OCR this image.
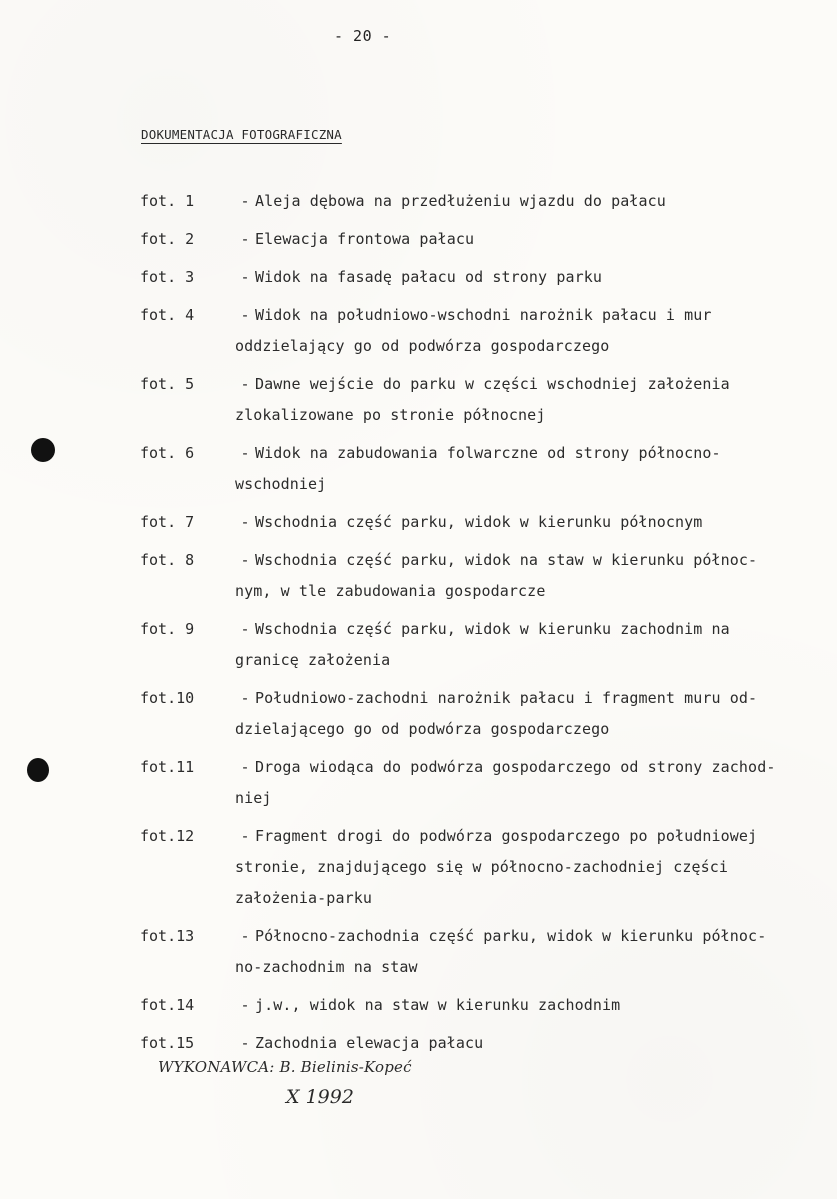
- 20 -
DOKUMENTACJA FOTOGRAFICZNA
fot. 1	- Aleja dębowa na przedłużeniu wjazdu do pałacu
fot. 2	- Elewacja frontowa pałacu
fot. 3	- Widok na fasadę pałacu od strony parku
fot. 4	- Widok na południowo-wschodni narożnik pałacu i mur
oddzielający go od podwórza gospodarczego
fot. 5	- Dawne wejście do parku w części wschodniej założenia
zlokalizowane po stronie północnej
fot. 6	- Widok na zabudowania folwarczne od strony północno-
wschodniej
fot. 7	- Wschodnia część parku, widok w kierunku północnym
fot. 8	- Wschodnia część parku, widok na staw w kierunku północ-
nym, w tle zabudowania gospodarcze
fot. 9	- Wschodnia część parku, widok w kierunku zachodnim na
granicę założenia
fot.10	- Południowo-zachodni narożnik pałacu i fragment muru od-
dzielającego go od podwórza gospodarczego
fot.11	- Droga wiodąca do podwórza gospodarczego od strony zachod-
niej
fot.12	- Fragment drogi do podwórza gospodarczego po południowej
stronie, znajdującego się w północno-zachodniej części
założenia-parku
fot.13	- Północno-zachodnia część parku, widok w kierunku północ-
no-zachodnim na staw
fot.14	- j.w., widok na staw w kierunku zachodnim
fot.15	- Zachodnia elewacja pałacu
WYKONAWCA: B. Bielinis-Kopeć
X 1992
